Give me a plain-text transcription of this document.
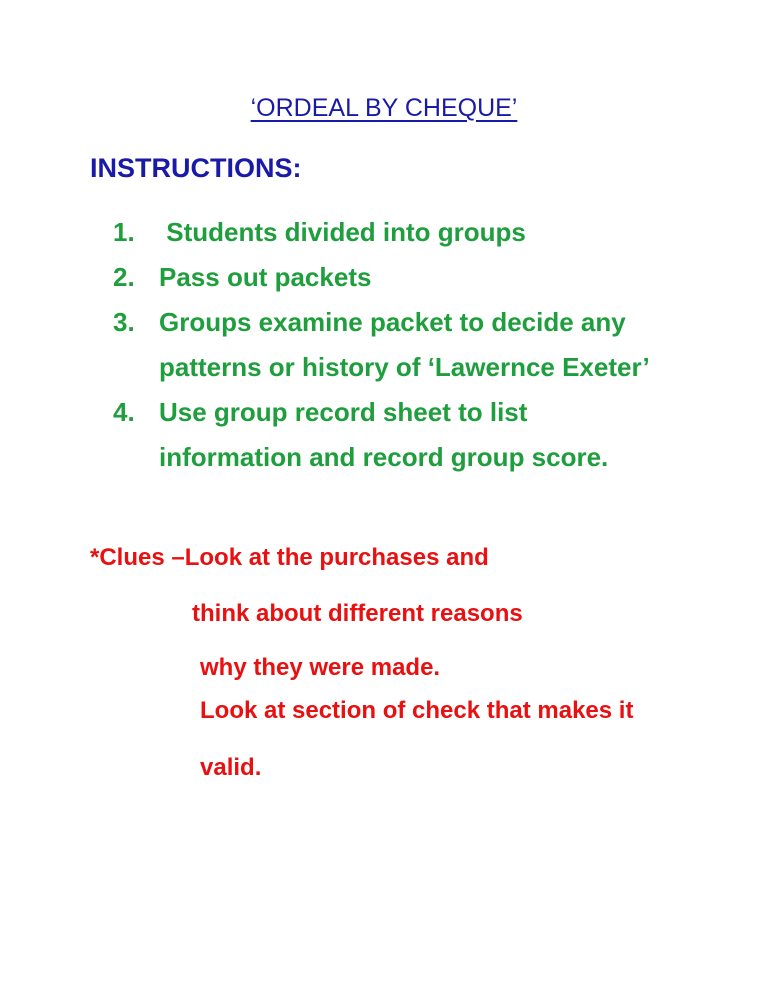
‘ORDEAL BY CHEQUE’
INSTRUCTIONS:
1. Students divided into groups
2. Pass out packets
3. Groups examine packet to decide any patterns or history of ‘Lawernce Exeter’
4. Use group record sheet to list information and record group score.
*Clues –Look at the purchases and
think about different reasons
why they were made.
Look at section of check that makes it
valid.
